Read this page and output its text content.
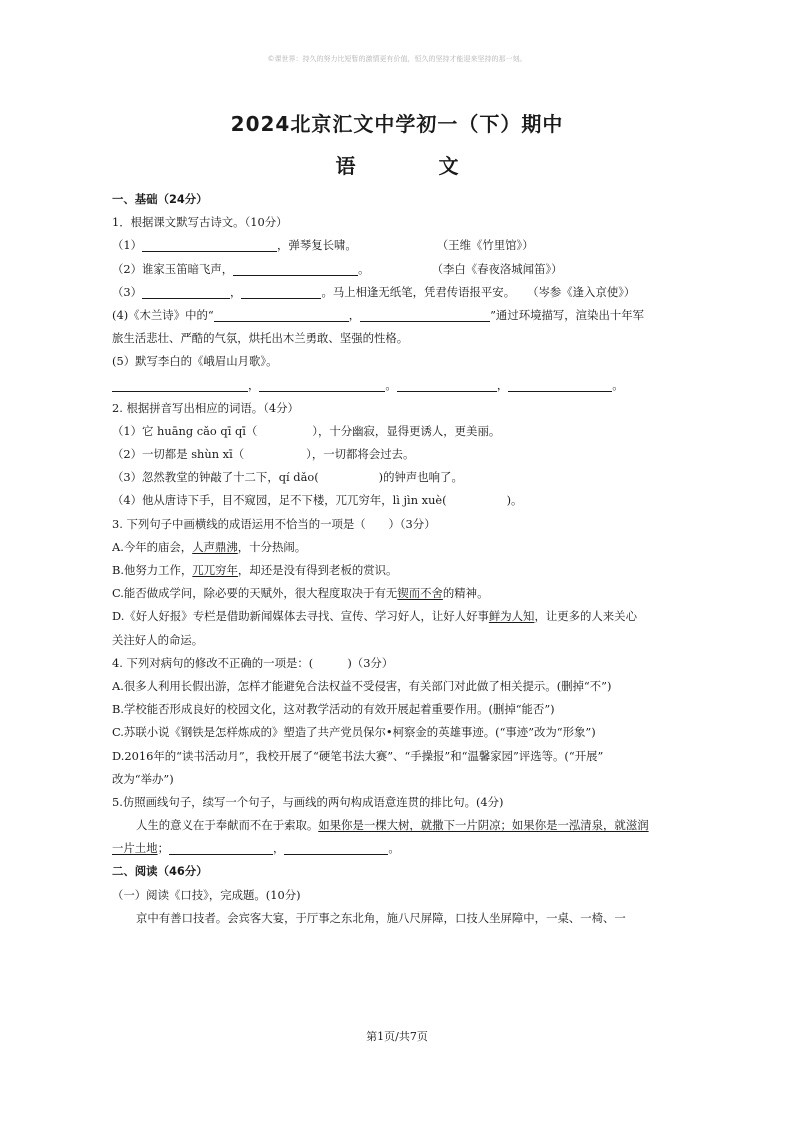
©课世界：持久的努力比短暂的激情更有价值，恒久的坚持才能迎来坚持的那一刻。
2024北京汇文中学初一（下）期中
语 文
一、基础（24分）
1．根据课文默写古诗文。（10分）
（1）	，弹琴复长啸。	（王维《竹里馆》）
（2）谁家玉笛暗飞声，	。	（李白《春夜洛城闻笛》）
（3）	，	。马上相逢无纸笔，凭君传语报平安。 （岑参《逢入京使》）
(4)《木兰诗》中的“	，	”通过环境描写，渲染出十年军
旅生活悲壮、严酷的气氛，烘托出木兰勇敢、坚强的性格。
(5）默写李白的《峨眉山月歌》。
，	。	，	。
2. 根据拼音写出相应的词语。（4分）
（1）它 huāng cǎo qī qī（	），十分幽寂，显得更诱人，更美丽。
（2）一切都是 shùn xī（	），一切都将会过去。
（3）忽然教堂的钟敲了十二下，qí dǎo(	)的钟声也响了。
（4）他从唐诗下手，目不窥园，足不下楼，兀兀穷年，lì jìn xuè(	)。
3. 下列句子中画横线的成语运用不恰当的一项是（　　）（3分）
A.今年的庙会，人声鼎沸，十分热闹。
B.他努力工作，兀兀穷年，却还是没有得到老板的赏识。
C.能否做成学问，除必要的天赋外，很大程度取决于有无锲而不舍的精神。
D.《好人好报》专栏是借助新闻媒体去寻找、宣传、学习好人，让好人好事鲜为人知，让更多的人来关心
关注好人的命运。
4. 下列对病句的修改不正确的一项是：(　　　)（3分）
A.很多人利用长假出游，怎样才能避免合法权益不受侵害，有关部门对此做了相关提示。(删掉“不”)
B.学校能否形成良好的校园文化，这对教学活动的有效开展起着重要作用。(删掉“能否”)
C.苏联小说《钢铁是怎样炼成的》塑造了共产党员保尔•柯察金的英雄事迹。(“事迹”改为“形象”)
D.2016年的“读书活动月”，我校开展了“硬笔书法大赛”、“手操报”和“温馨家园”评选等。(“开展”
改为“举办”)
5.仿照画线句子，续写一个句子，与画线的两句构成语意连贯的排比句。(4分)
人生的意义在于奉献而不在于索取。如果你是一棵大树，就撒下一片阴凉；如果你是一泓清泉，就滋润
一片土地；	，	。
二、阅读（46分）
（一）阅读《口技》，完成题。(10分)
京中有善口技者。会宾客大宴，于厅事之东北角，施八尺屏障，口技人坐屏障中，一桌、一椅、一
第1页/共7页
